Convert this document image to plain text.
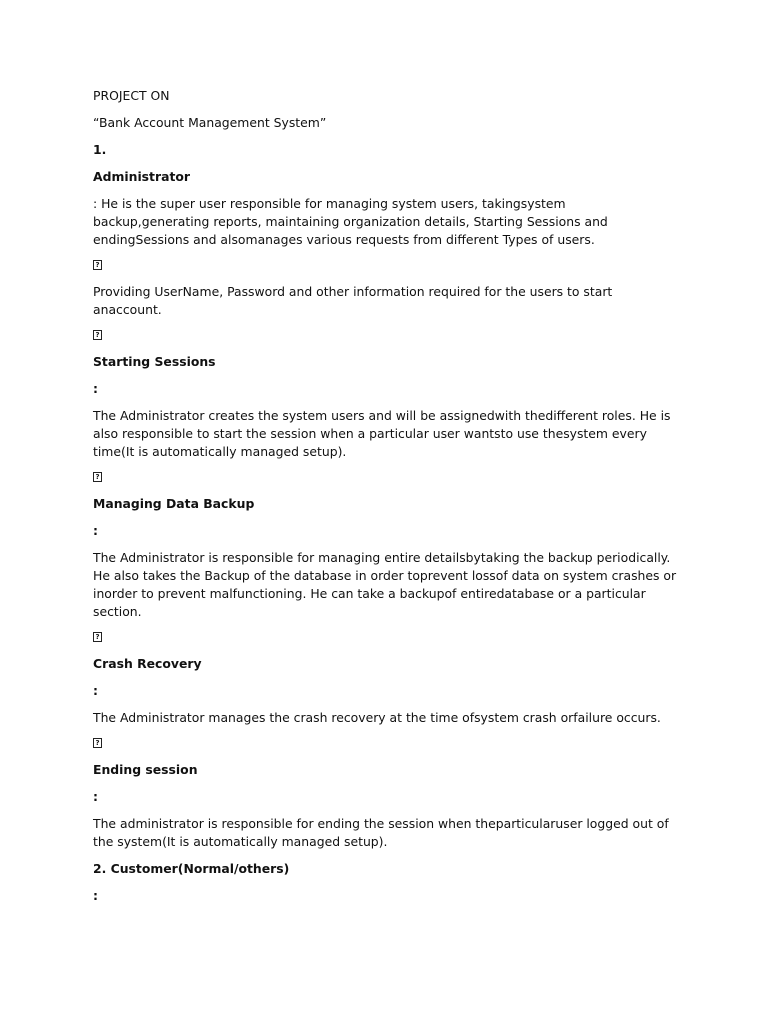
PROJECT ON
“Bank Account Management System”
1.
Administrator
: He is the super user responsible for managing system users, takingsystem backup,generating reports, maintaining organization details, Starting Sessions and endingSessions and alsomanages various requests from different Types of users.
?
Providing UserName, Password and other information required for the users to start anaccount.
?
Starting Sessions
:
The Administrator creates the system users and will be assignedwith thedifferent roles. He is also responsible to start the session when a particular user wantsto use thesystem every time(It is automatically managed setup).
?
Managing Data Backup
:
The Administrator is responsible for managing entire detailsbytaking the backup periodically. He also takes the Backup of the database in order toprevent lossof data on system crashes or inorder to prevent malfunctioning. He can take a backupof entiredatabase or a particular section.
?
Crash Recovery
:
The Administrator manages the crash recovery at the time ofsystem crash orfailure occurs.
?
Ending session
:
The administrator is responsible for ending the session when theparticularuser logged out of the system(It is automatically managed setup).
2. Customer(Normal/others)
:
